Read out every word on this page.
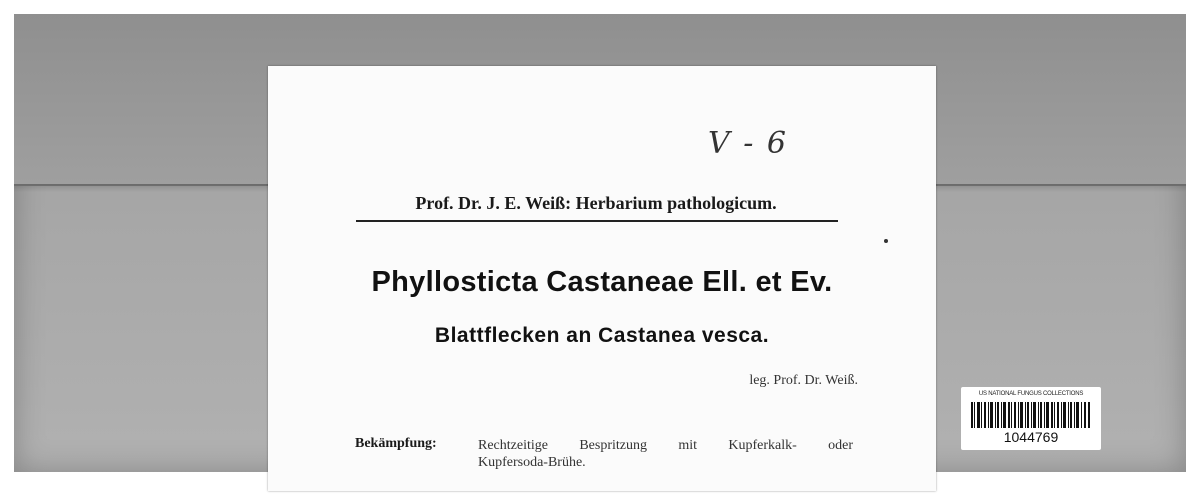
V - 6
Prof. Dr. J. E. Weiß: Herbarium pathologicum.
Phyllosticta Castaneae Ell. et Ev.
Blattflecken an Castanea vesca.
leg. Prof. Dr. Weiß.
Bekämpfung:	Rechtzeitige Bespritzung mit Kupferkalk- oder
Kupfersoda-Brühe.
US NATIONAL FUNGUS COLLECTIONS
1044769
